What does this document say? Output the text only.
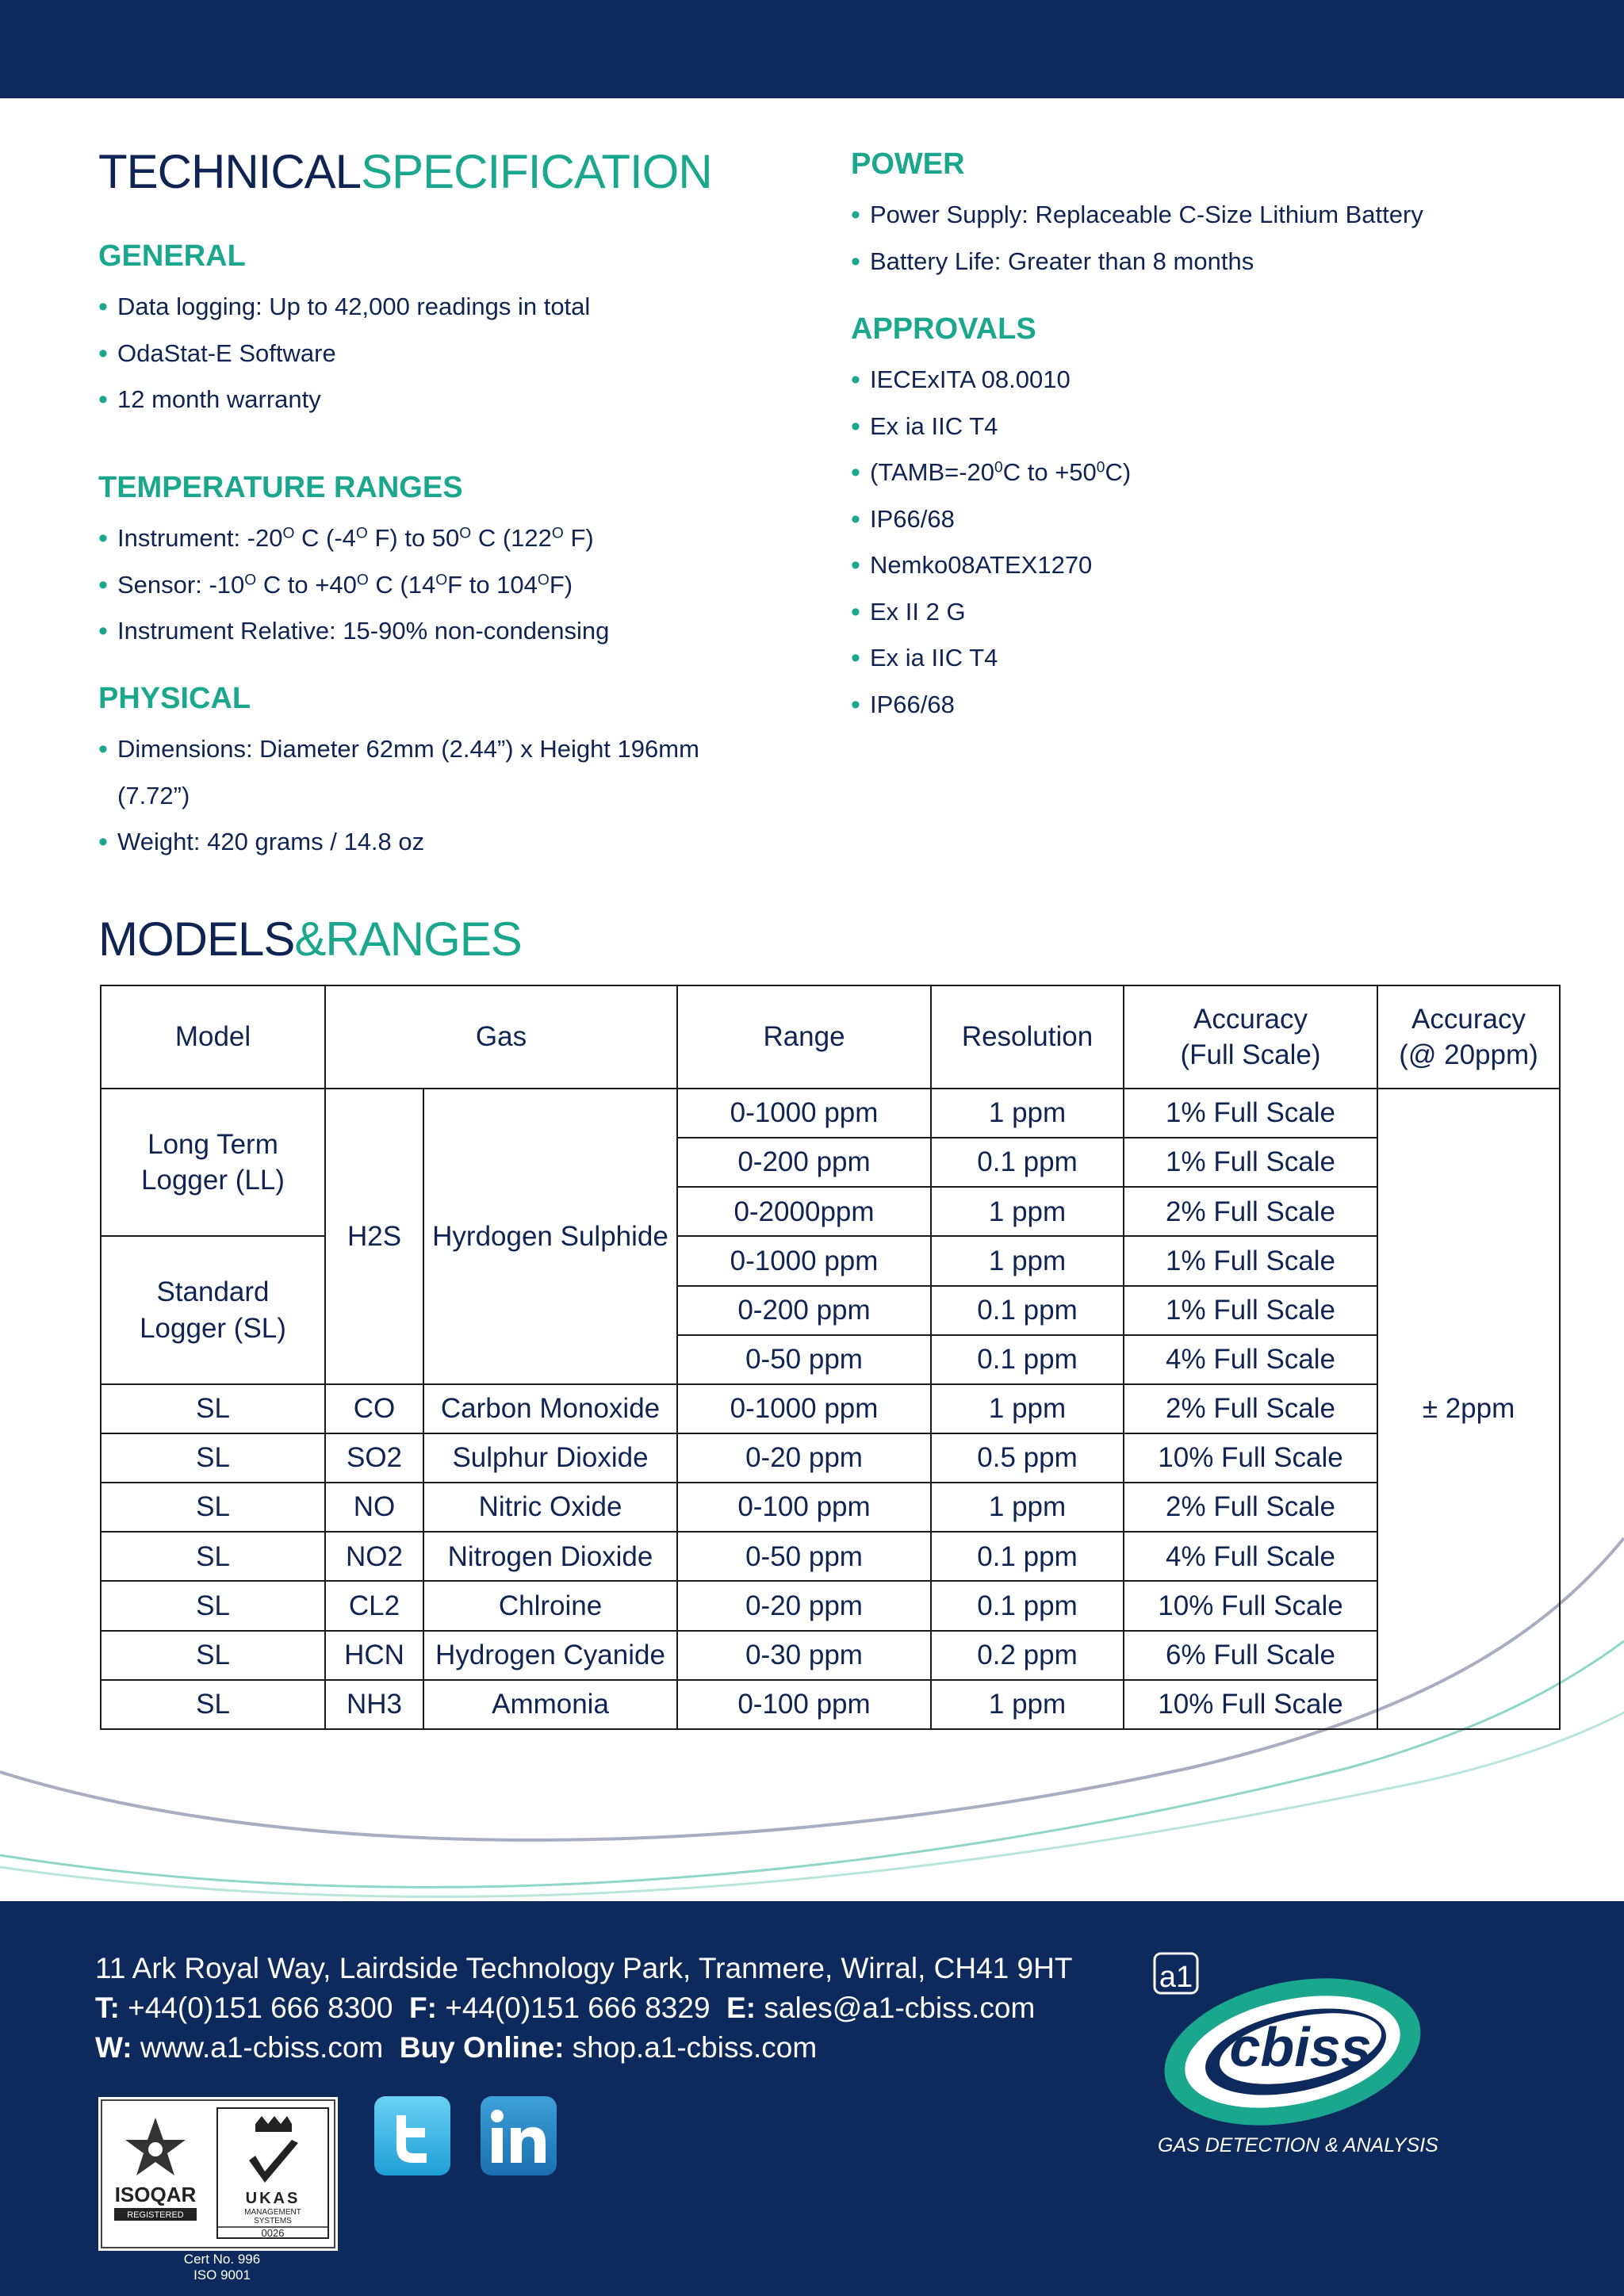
TECHNICALSPECIFICATION
GENERAL
• Data logging: Up to 42,000 readings in total
• OdaStat-E Software
• 12 month warranty
TEMPERATURE RANGES
• Instrument: $-20^O$ C ($-4^O$ F) to $50^O$ C ($122^O$ F)
• Sensor: $-10^O$ C to $+40^O$ C ($14^OF$ to $104^OF$)
• Instrument Relative: 15-90% non-condensing
PHYSICAL
• Dimensions: Diameter 62mm (2.44”) x Height 196mm (7.72”)
• Weight: 420 grams / 14.8 oz
POWER
• Power Supply: Replaceable C-Size Lithium Battery
• Battery Life: Greater than 8 months
APPROVALS
• IECExITA 08.0010
• Ex ia IIC T4
• ($TAMB=-20^0C$ to $+50^0C$)
• IP66/68
• Nemko08ATEX1270
• Ex II 2 G
• Ex ia IIC T4
• IP66/68
MODELS&RANGES
Model	Gas		Range	Resolution	Accuracy
(Full Scale)	Accuracy
(@ 20ppm)
Long Term
Logger (LL)	H2S	Hyrdogen Sulphide	0-1000 ppm	1 ppm	1% Full Scale	± 2ppm
			0-200 ppm	0.1 ppm	1% Full Scale	
			0-2000ppm	1 ppm	2% Full Scale	
Standard
Logger (SL)			0-1000 ppm	1 ppm	1% Full Scale	
			0-200 ppm	0.1 ppm	1% Full Scale	
			0-50 ppm	0.1 ppm	4% Full Scale	
SL	CO	Carbon Monoxide	0-1000 ppm	1 ppm	2% Full Scale	
SL	SO2	Sulphur Dioxide	0-20 ppm	0.5 ppm	10% Full Scale	
SL	NO	Nitric Oxide	0-100 ppm	1 ppm	2% Full Scale	
SL	NO2	Nitrogen Dioxide	0-50 ppm	0.1 ppm	4% Full Scale	
SL	CL2	Chlroine	0-20 ppm	0.1 ppm	10% Full Scale	
SL	HCN	Hydrogen Cyanide	0-30 ppm	0.2 ppm	6% Full Scale	
SL	NH3	Ammonia	0-100 ppm	1 ppm	10% Full Scale	
11 Ark Royal Way, Lairdside Technology Park, Tranmere, Wirral, CH41 9HT
T: +44(0)151 666 8300 F: +44(0)151 666 8329 E: sales@a1-cbiss.com
W: www.a1-cbiss.com Buy Online: shop.a1-cbiss.com
ISOQAR
REGISTERED
UKAS
MANAGEMENT
SYSTEMS
0026
Cert No. 996
ISO 9001
a1
cbiss
GAS DETECTION & ANALYSIS
